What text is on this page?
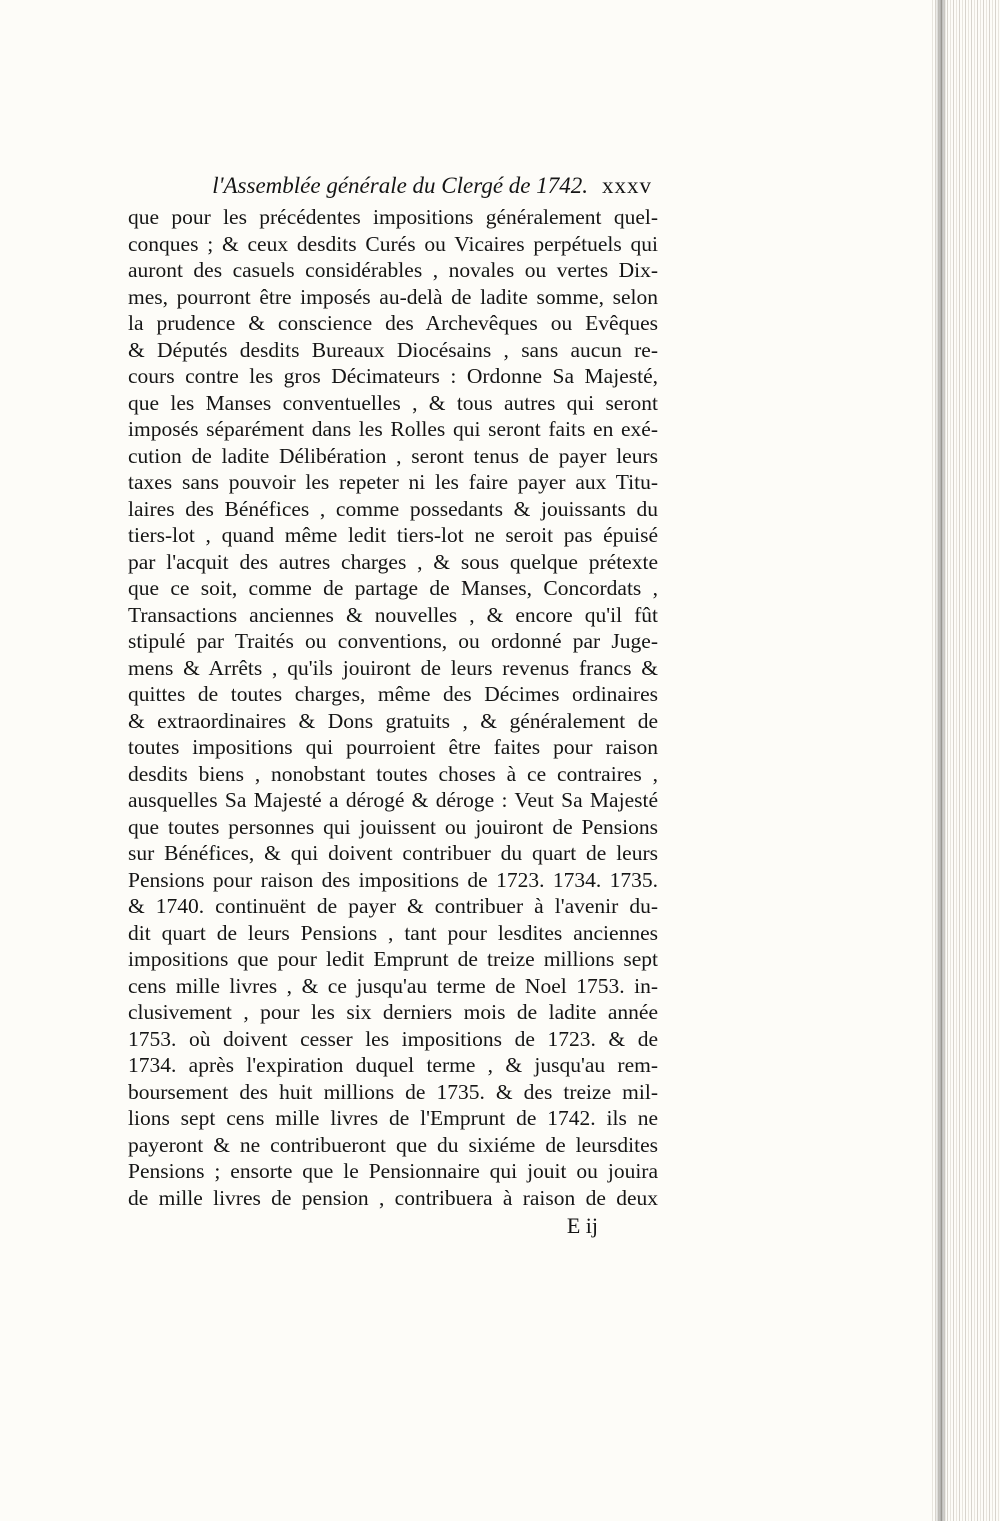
l'Assemblée générale du Clergé de 1742. xxxv
que pour les précédentes impositions généralement quel-
conques ; & ceux desdits Curés ou Vicaires perpétuels qui
auront des casuels considérables , novales ou vertes Dix-
mes, pourront être imposés au-delà de ladite somme, selon
la prudence & conscience des Archevêques ou Evêques
& Députés desdits Bureaux Diocésains , sans aucun re-
cours contre les gros Décimateurs : Ordonne Sa Majesté,
que les Manses conventuelles , & tous autres qui seront
imposés séparément dans les Rolles qui seront faits en exé-
cution de ladite Délibération , seront tenus de payer leurs
taxes sans pouvoir les repeter ni les faire payer aux Titu-
laires des Bénéfices , comme possedants & jouissants du
tiers-lot , quand même ledit tiers-lot ne seroit pas épuisé
par l'acquit des autres charges , & sous quelque prétexte
que ce soit, comme de partage de Manses, Concordats ,
Transactions anciennes & nouvelles , & encore qu'il fût
stipulé par Traités ou conventions, ou ordonné par Juge-
mens & Arrêts , qu'ils jouiront de leurs revenus francs &
quittes de toutes charges, même des Décimes ordinaires
& extraordinaires & Dons gratuits , & généralement de
toutes impositions qui pourroient être faites pour raison
desdits biens , nonobstant toutes choses à ce contraires ,
ausquelles Sa Majesté a dérogé & déroge : Veut Sa Majesté
que toutes personnes qui jouissent ou jouiront de Pensions
sur Bénéfices, & qui doivent contribuer du quart de leurs
Pensions pour raison des impositions de 1723. 1734. 1735.
& 1740. continuënt de payer & contribuer à l'avenir du-
dit quart de leurs Pensions , tant pour lesdites anciennes
impositions que pour ledit Emprunt de treize millions sept
cens mille livres , & ce jusqu'au terme de Noel 1753. in-
clusivement , pour les six derniers mois de ladite année
1753. où doivent cesser les impositions de 1723. & de
1734. après l'expiration duquel terme , & jusqu'au rem-
boursement des huit millions de 1735. & des treize mil-
lions sept cens mille livres de l'Emprunt de 1742. ils ne
payeront & ne contribueront que du sixiéme de leursdites
Pensions ; ensorte que le Pensionnaire qui jouit ou jouira
de mille livres de pension , contribuera à raison de deux
E ij
